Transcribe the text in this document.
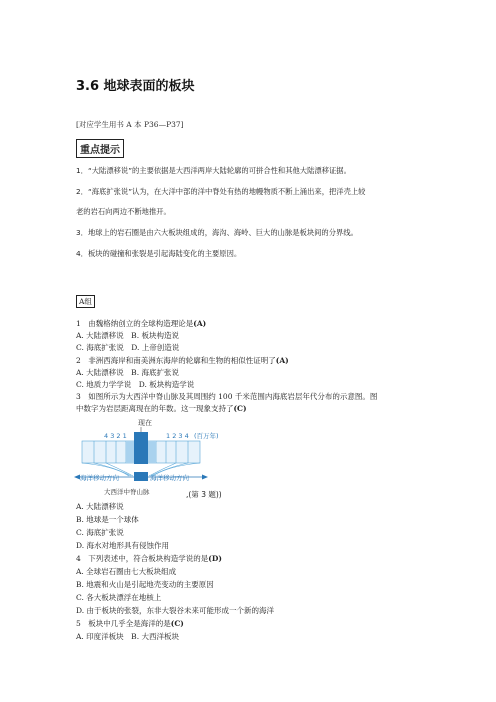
3.6 地球表面的板块
[对应学生用书 A 本 P36—P37]
重点提示
1．“大陆漂移说”的主要依据是大西洋两岸大陆轮廓的可拼合性和其他大陆漂移证据。
2．“海底扩张说”认为，在大洋中部的洋中脊处有热的地幔物质不断上涌出来，把洋壳上较
老的岩石向两边不断地推开。
3．地球上的岩石圈是由六大板块组成的，海沟、海岭、巨大的山脉是板块间的分界线。
4．板块的碰撞和张裂是引起海陆变化的主要原因。
A组
1　由魏格纳创立的全球构造理论是(A)
A. 大陆漂移说　B. 板块构造说
C. 海底扩张说　D. 上帝创造说
2　非洲西海岸和南美洲东海岸的轮廓和生物的相似性证明了(A)
A. 大陆漂移说　B. 海底扩张说
C. 地质力学学说　D. 板块构造学说
3　如图所示为大西洋中脊山脉及其周围约 100 千米范围内海底岩层年代分布的示意图。图
中数字为岩层距离现在的年数。这一现象支持了(C)
现在
4 3 2 1	1 2 3 4 (百万年)
海洋移动方向	海洋移动方向
大西洋中脊山脉	,(第 3 题))
A. 大陆漂移说
B. 地球是一个球体
C. 海底扩张说
D. 海水对地形具有侵蚀作用
4　下列表述中，符合板块构造学说的是(D)
A. 全球岩石圈由七大板块组成
B. 地震和火山是引起地壳变动的主要原因
C. 各大板块漂浮在地核上
D. 由于板块的张裂，东非大裂谷未来可能形成一个新的海洋
5　板块中几乎全是海洋的是(C)
A. 印度洋板块　B. 大西洋板块
